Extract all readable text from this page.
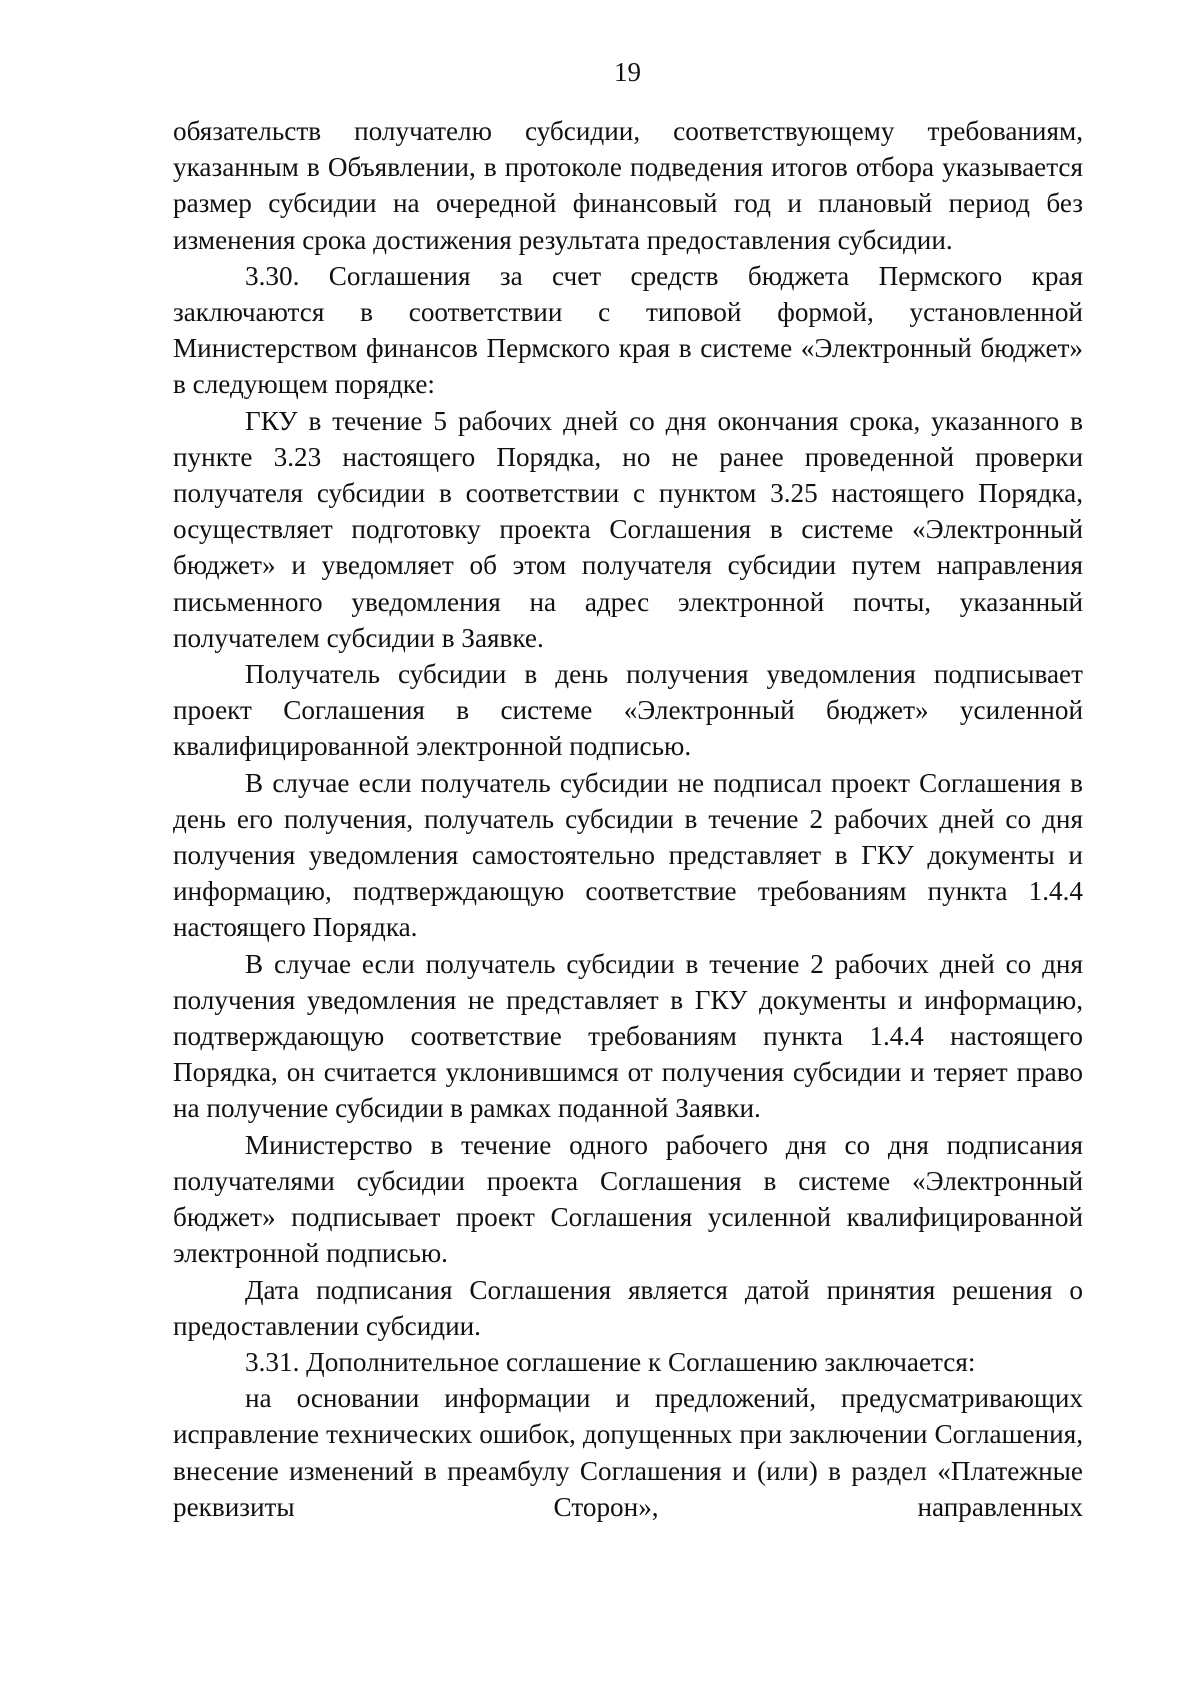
19

обязательств получателю субсидии, соответствующему требованиям, указанным в Объявлении, в протоколе подведения итогов отбора указывается размер субсидии на очередной финансовый год и плановый период без изменения срока достижения результата предоставления субсидии.

3.30. Соглашения за счет средств бюджета Пермского края заключаются в соответствии с типовой формой, установленной Министерством финансов Пермского края в системе «Электронный бюджет» в следующем порядке:

ГКУ в течение 5 рабочих дней со дня окончания срока, указанного в пункте 3.23 настоящего Порядка, но не ранее проведенной проверки получателя субсидии в соответствии с пунктом 3.25 настоящего Порядка, осуществляет подготовку проекта Соглашения в системе «Электронный бюджет» и уведомляет об этом получателя субсидии путем направления письменного уведомления на адрес электронной почты, указанный получателем субсидии в Заявке.

Получатель субсидии в день получения уведомления подписывает проект Соглашения в системе «Электронный бюджет» усиленной квалифицированной электронной подписью.

В случае если получатель субсидии не подписал проект Соглашения в день его получения, получатель субсидии в течение 2 рабочих дней со дня получения уведомления самостоятельно представляет в ГКУ документы и информацию, подтверждающую соответствие требованиям пункта 1.4.4 настоящего Порядка.

В случае если получатель субсидии в течение 2 рабочих дней со дня получения уведомления не представляет в ГКУ документы и информацию, подтверждающую соответствие требованиям пункта 1.4.4 настоящего Порядка, он считается уклонившимся от получения субсидии и теряет право на получение субсидии в рамках поданной Заявки.

Министерство в течение одного рабочего дня со дня подписания получателями субсидии проекта Соглашения в системе «Электронный бюджет» подписывает проект Соглашения усиленной квалифицированной электронной подписью.

Дата подписания Соглашения является датой принятия решения о предоставлении субсидии.

3.31. Дополнительное соглашение к Соглашению заключается:

на основании информации и предложений, предусматривающих исправление технических ошибок, допущенных при заключении Соглашения, внесение изменений в преамбулу Соглашения и (или) в раздел «Платежные реквизиты Сторон», направленных
